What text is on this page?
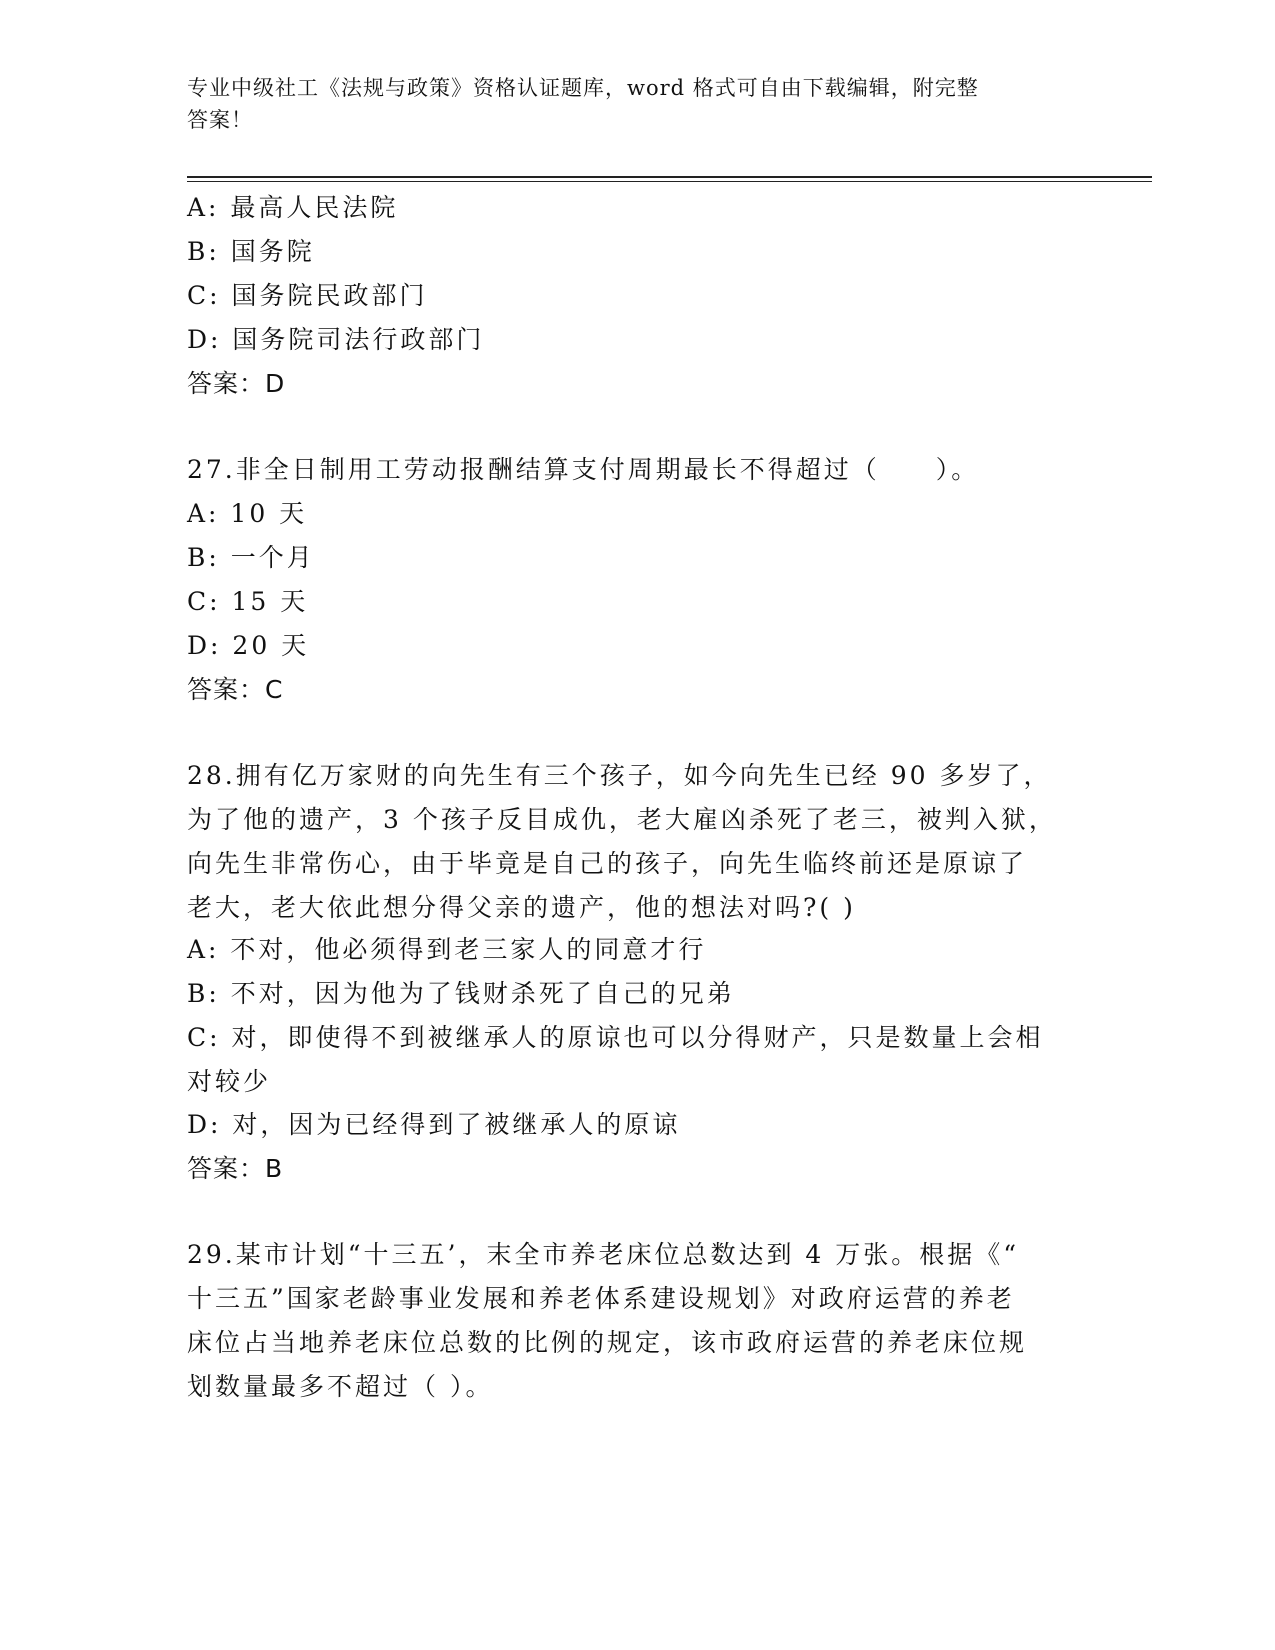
专业中级社工《法规与政策》资格认证题库，word 格式可自由下载编辑，附完整
答案！
A: 最高人民法院
B: 国务院
C: 国务院民政部门
D: 国务院司法行政部门
答案：D
27.非全日制用工劳动报酬结算支付周期最长不得超过（　　）。
A: 10 天
B: 一个月
C: 15 天
D: 20 天
答案：C
28.拥有亿万家财的向先生有三个孩子，如今向先生已经 90 多岁了，
为了他的遗产，3 个孩子反目成仇，老大雇凶杀死了老三，被判入狱，
向先生非常伤心，由于毕竟是自己的孩子，向先生临终前还是原谅了
老大，老大依此想分得父亲的遗产，他的想法对吗?( )
A: 不对，他必须得到老三家人的同意才行
B: 不对，因为他为了钱财杀死了自己的兄弟
C: 对，即使得不到被继承人的原谅也可以分得财产，只是数量上会相
对较少
D: 对，因为已经得到了被继承人的原谅
答案：B
29.某市计划“十三五’，末全市养老床位总数达到 4 万张。根据《“
十三五”国家老龄事业发展和养老体系建设规划》对政府运营的养老
床位占当地养老床位总数的比例的规定，该市政府运营的养老床位规
划数量最多不超过（ ）。
